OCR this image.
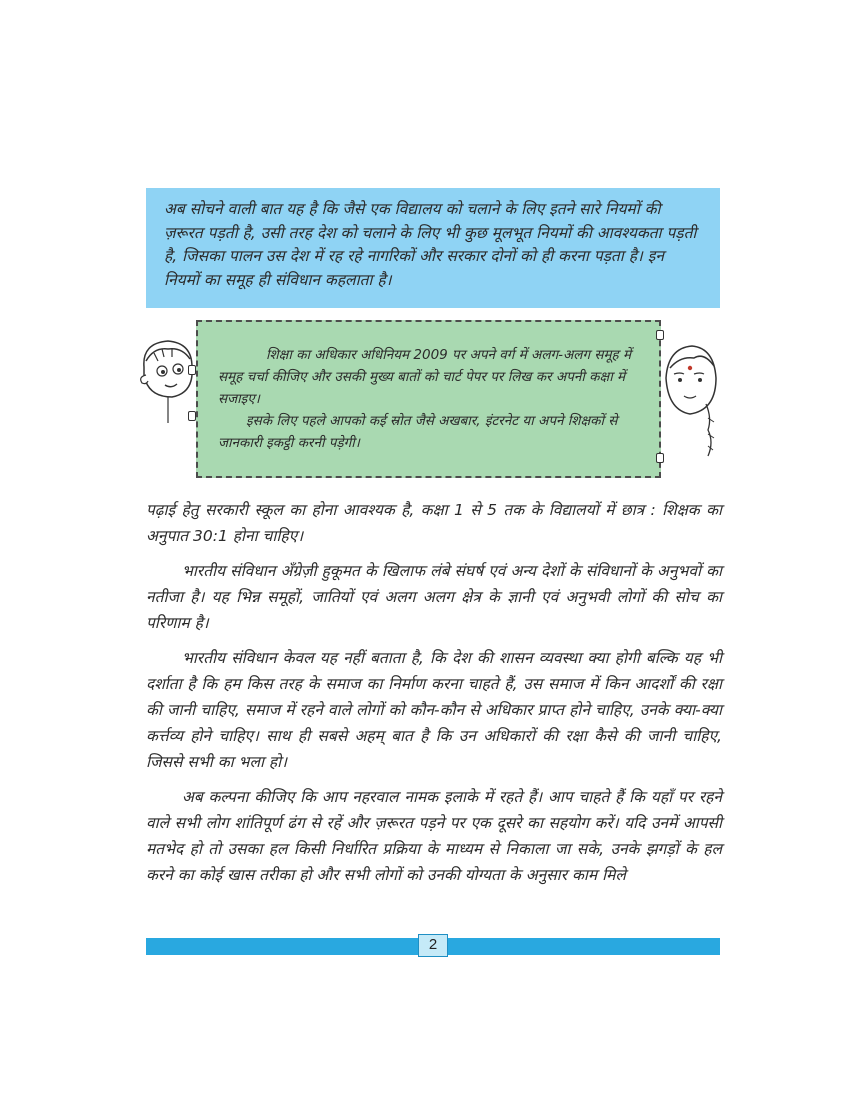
अब सोचने वाली बात यह है कि जैसे एक विद्यालय को चलाने के लिए इतने सारे नियमों की ज़रूरत पड़ती है, उसी तरह देश को चलाने के लिए भी कुछ मूलभूत नियमों की आवश्यकता पड़ती है, जिसका पालन उस देश में रह रहे नागरिकों और सरकार दोनों को ही करना पड़ता है। इन नियमों का समूह ही संविधान कहलाता है।

शिक्षा का अधिकार अधिनियम 2009 पर अपने वर्ग में अलग-अलग समूह में समूह चर्चा कीजिए और उसकी मुख्य बातों को चार्ट पेपर पर लिख कर अपनी कक्षा में सजाइए।

इसके लिए पहले आपको कई स्रोत जैसे अखबार, इंटरनेट या अपने शिक्षकों से जानकारी इकट्ठी करनी पड़ेगी।

पढ़ाई हेतु सरकारी स्कूल का होना आवश्यक है, कक्षा 1 से 5 तक के विद्यालयों में छात्र : शिक्षक का अनुपात 30:1 होना चाहिए।

भारतीय संविधान अँग्रेज़ी हुकूमत के खिलाफ लंबे संघर्ष एवं अन्य देशों के संविधानों के अनुभवों का नतीजा है। यह भिन्न समूहों, जातियों एवं अलग अलग क्षेत्र के ज्ञानी एवं अनुभवी लोगों की सोच का परिणाम है।

भारतीय संविधान केवल यह नहीं बताता है, कि देश की शासन व्यवस्था क्या होगी बल्कि यह भी दर्शाता है कि हम किस तरह के समाज का निर्माण करना चाहते हैं, उस समाज में किन आदर्शों की रक्षा की जानी चाहिए, समाज में रहने वाले लोगों को कौन-कौन से अधिकार प्राप्त होने चाहिए, उनके क्या-क्या कर्त्तव्य होने चाहिए। साथ ही सबसे अहम् बात है कि उन अधिकारों की रक्षा कैसे की जानी चाहिए, जिससे सभी का भला हो।

अब कल्पना कीजिए कि आप नहरवाल नामक इलाके में रहते हैं। आप चाहते हैं कि यहाँ पर रहने वाले सभी लोग शांतिपूर्ण ढंग से रहें और ज़रूरत पड़ने पर एक दूसरे का सहयोग करें। यदि उनमें आपसी मतभेद हो तो उसका हल किसी निर्धारित प्रक्रिया के माध्यम से निकाला जा सके, उनके झगड़ों के हल करने का कोई खास तरीका हो और सभी लोगों को उनकी योग्यता के अनुसार काम मिले

2
